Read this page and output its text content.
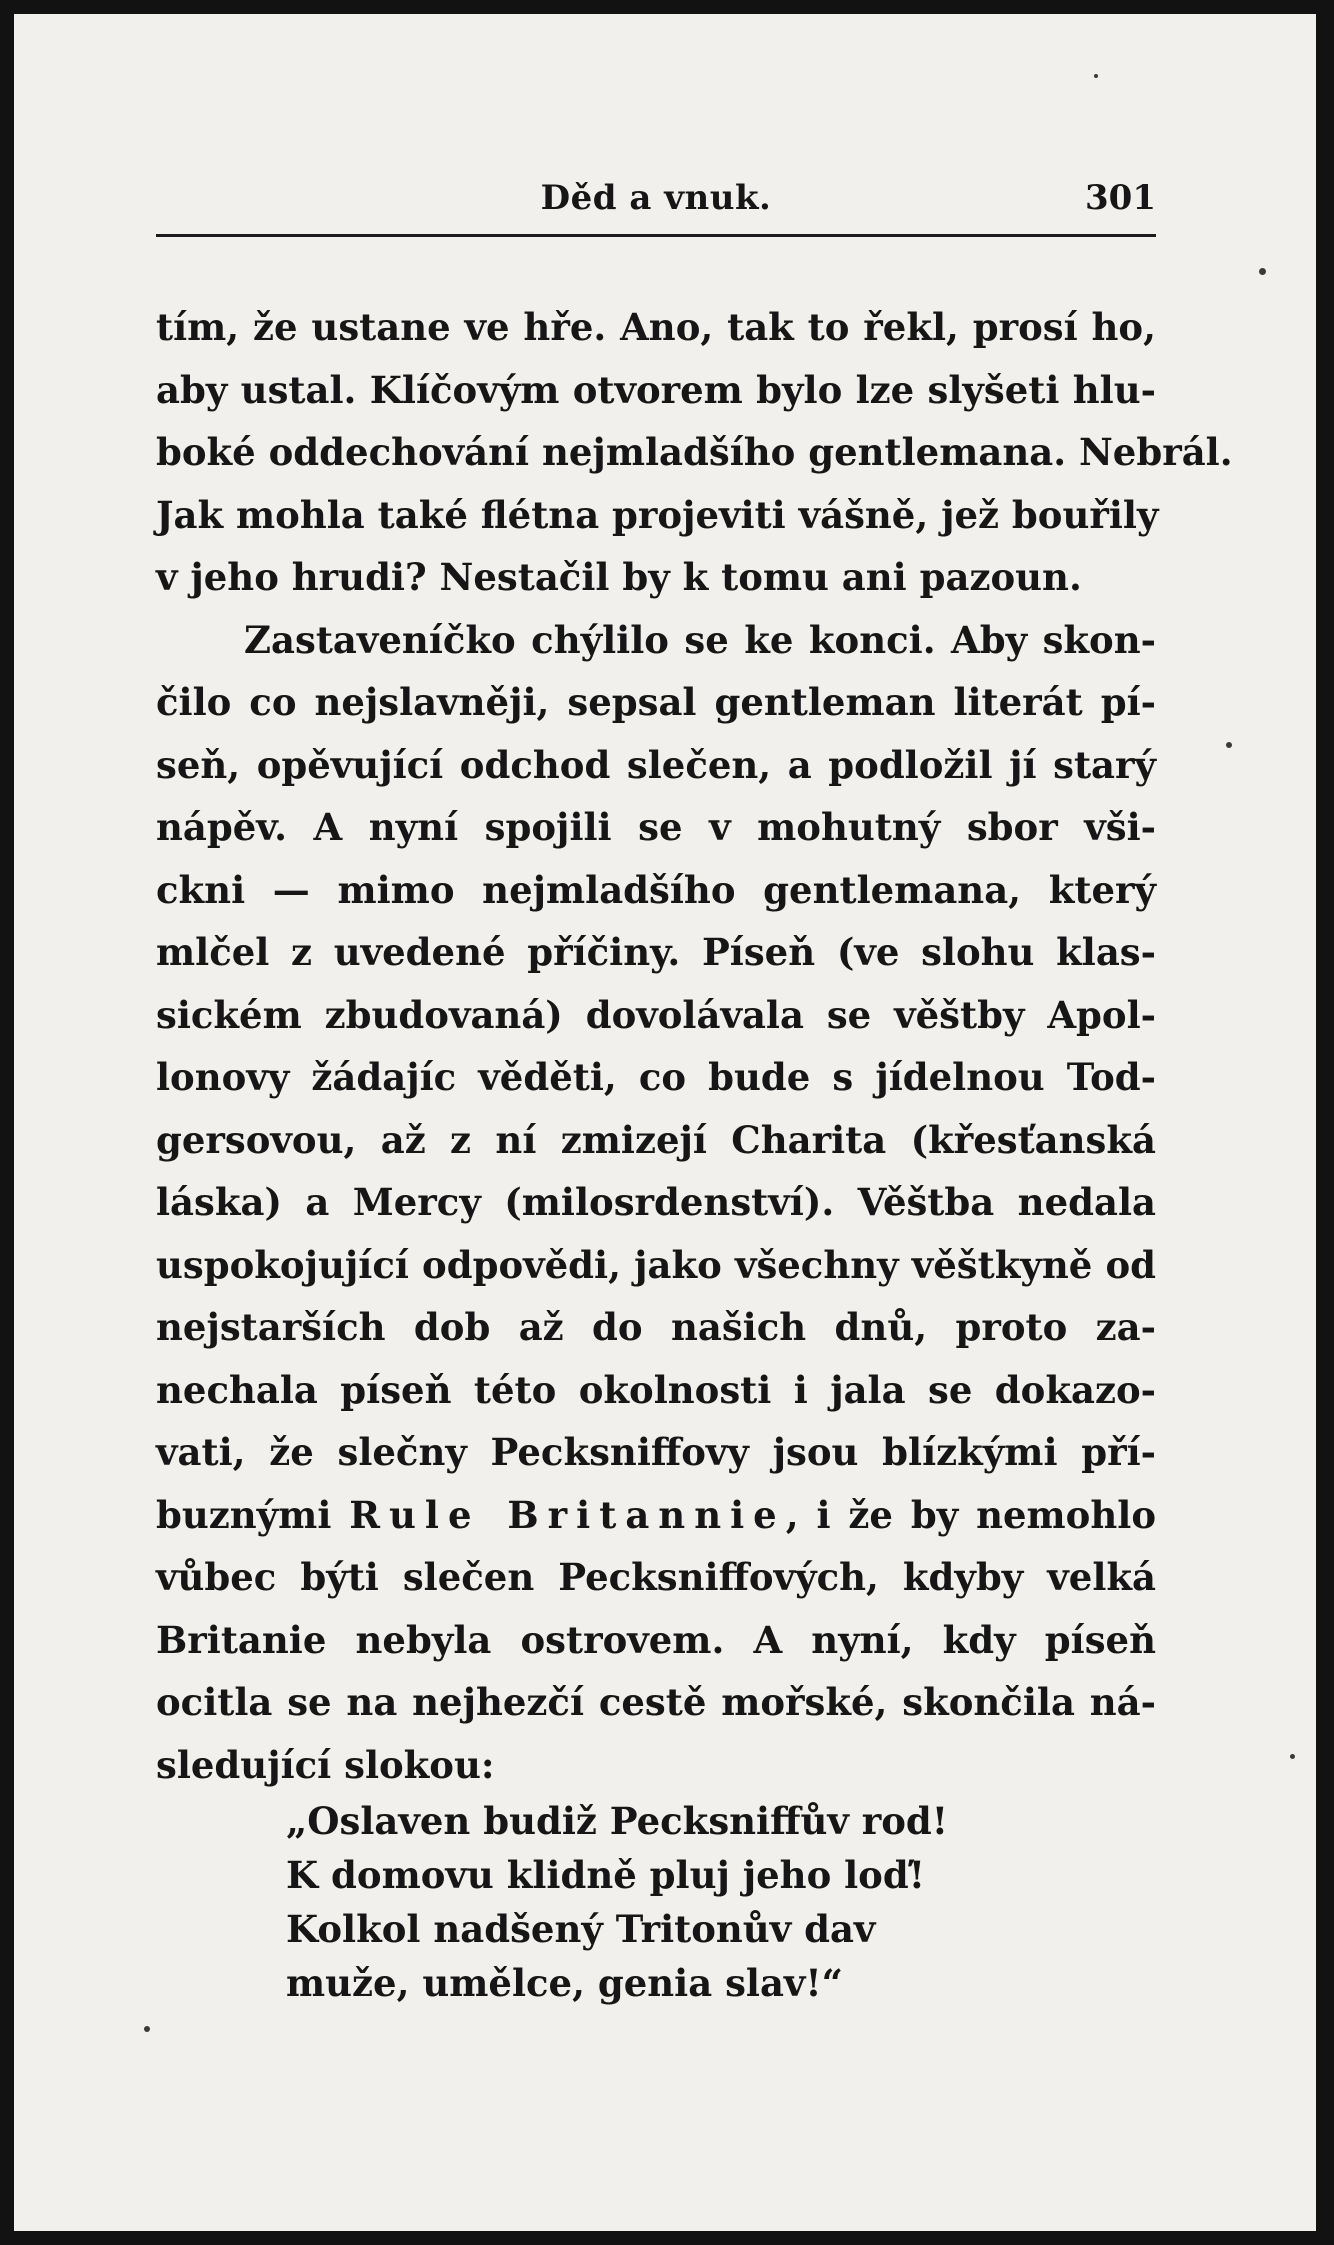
Děd a vnuk.	301
tím, že ustane ve hře. Ano, tak to řekl, prosí ho,
aby ustal. Klíčovým otvorem bylo lze slyšeti hlu-
boké oddechování nejmladšího gentlemana. Nebrál.
Jak mohla také flétna projeviti vášně, jež bouřily
v jeho hrudi? Nestačil by k tomu ani pazoun.
Zastaveníčko chýlilo se ke konci. Aby skon-
čilo co nejslavněji, sepsal gentleman literát pí-
seň, opěvující odchod slečen, a podložil jí starý
nápěv. A nyní spojili se v mohutný sbor vši-
ckni — mimo nejmladšího gentlemana, který
mlčel z uvedené příčiny. Píseň (ve slohu klas-
sickém zbudovaná) dovolávala se věštby Apol-
lonovy žádajíc věděti, co bude s jídelnou Tod-
gersovou, až z ní zmizejí Charita (křesťanská
láska) a Mercy (milosrdenství). Věštba nedala
uspokojující odpovědi, jako všechny věštkyně od
nejstarších dob až do našich dnů, proto za-
nechala píseň této okolnosti i jala se dokazo-
vati, že slečny Pecksniffovy jsou blízkými pří-
buznými Rule Britannie, i že by nemohlo
vůbec býti slečen Pecksniffových, kdyby velká
Britanie nebyla ostrovem. A nyní, kdy píseň
ocitla se na nejhezčí cestě mořské, skončila ná-
sledující slokou:
„Oslaven budiž Pecksniffův rod!
K domovu klidně pluj jeho loď!
Kolkol nadšený Tritonův dav
muže, umělce, genia slav!“
